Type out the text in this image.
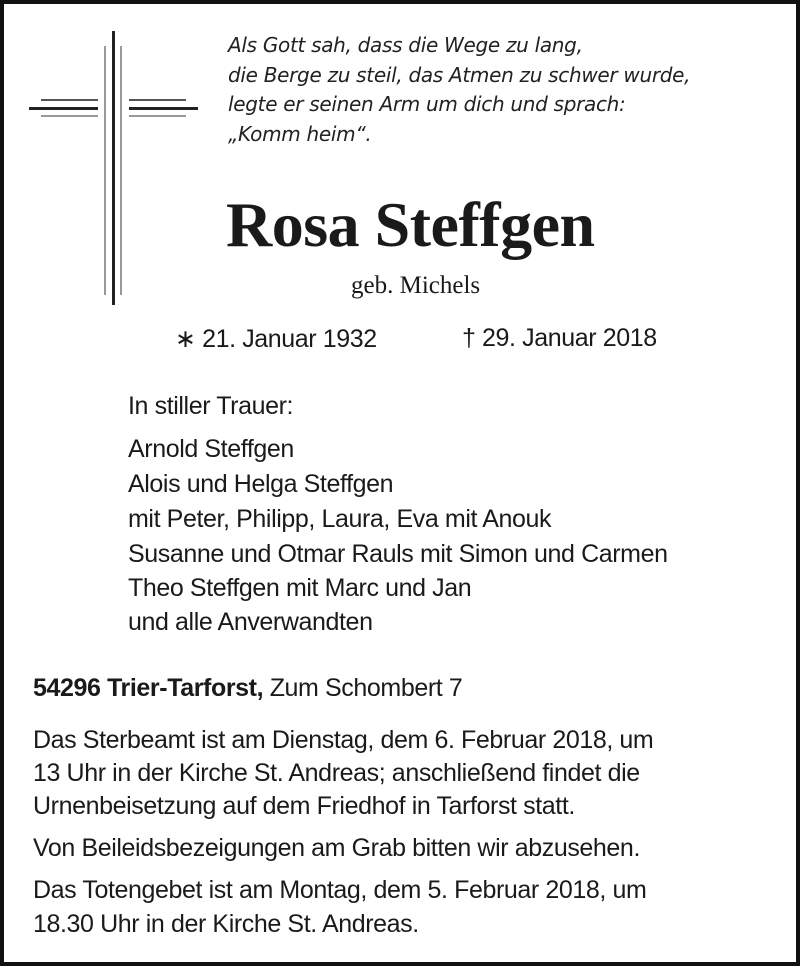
Als Gott sah, dass die Wege zu lang,
die Berge zu steil, das Atmen zu schwer wurde,
legte er seinen Arm um dich und sprach:
„Komm heim“.
Rosa Steffgen
geb. Michels
∗ 21. Januar 1932	† 29. Januar 2018
In stiller Trauer:
Arnold Steffgen
Alois und Helga Steffgen
mit Peter, Philipp, Laura, Eva mit Anouk
Susanne und Otmar Rauls mit Simon und Carmen
Theo Steffgen mit Marc und Jan
und alle Anverwandten
54296 Trier-Tarforst, Zum Schombert 7
Das Sterbeamt ist am Dienstag, dem 6. Februar 2018, um
13 Uhr in der Kirche St. Andreas; anschließend findet die
Urnenbeisetzung auf dem Friedhof in Tarforst statt.
Von Beileidsbezeigungen am Grab bitten wir abzusehen.
Das Totengebet ist am Montag, dem 5. Februar 2018, um
18.30 Uhr in der Kirche St. Andreas.
